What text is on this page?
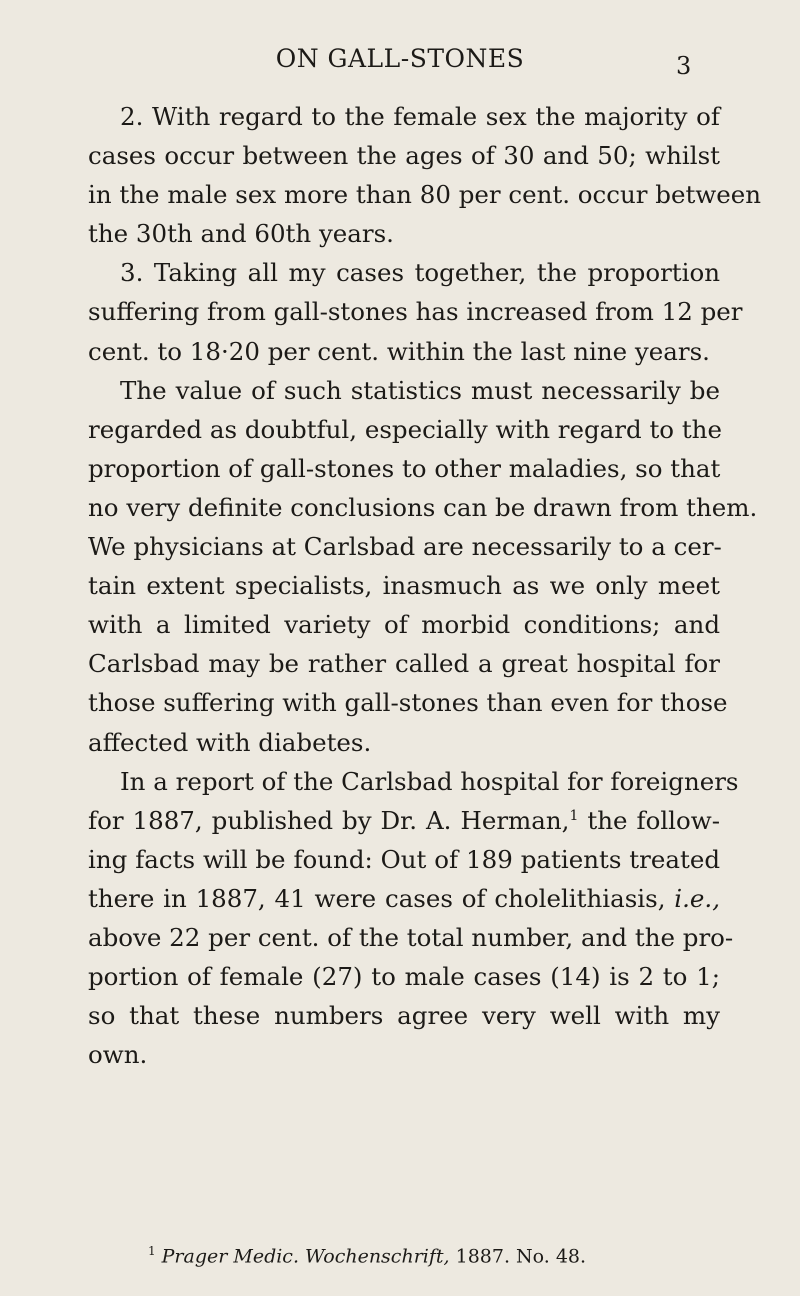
ON GALL-STONES	3
2. With regard to the female sex the majority of
cases occur between the ages of 30 and 50; whilst
in the male sex more than 80 per cent. occur between
the 30th and 60th years.
3. Taking all my cases together, the proportion
suffering from gall-stones has increased from 12 per
cent. to 18·20 per cent. within the last nine years.
The value of such statistics must necessarily be
regarded as doubtful, especially with regard to the
proportion of gall-stones to other maladies, so that
no very definite conclusions can be drawn from them.
We physicians at Carlsbad are necessarily to a cer-
tain extent specialists, inasmuch as we only meet
with a limited variety of morbid conditions; and
Carlsbad may be rather called a great hospital for
those suffering with gall-stones than even for those
affected with diabetes.
In a report of the Carlsbad hospital for foreigners
for 1887, published by Dr. A. Herman,$^1$ the follow-
ing facts will be found: Out of 189 patients treated
there in 1887, 41 were cases of cholelithiasis, i.e.,
above 22 per cent. of the total number, and the pro-
portion of female (27) to male cases (14) is 2 to 1;
so that these numbers agree very well with my
own.
$^1$ Prager Medic. Wochenschrift, 1887. No. 48.
